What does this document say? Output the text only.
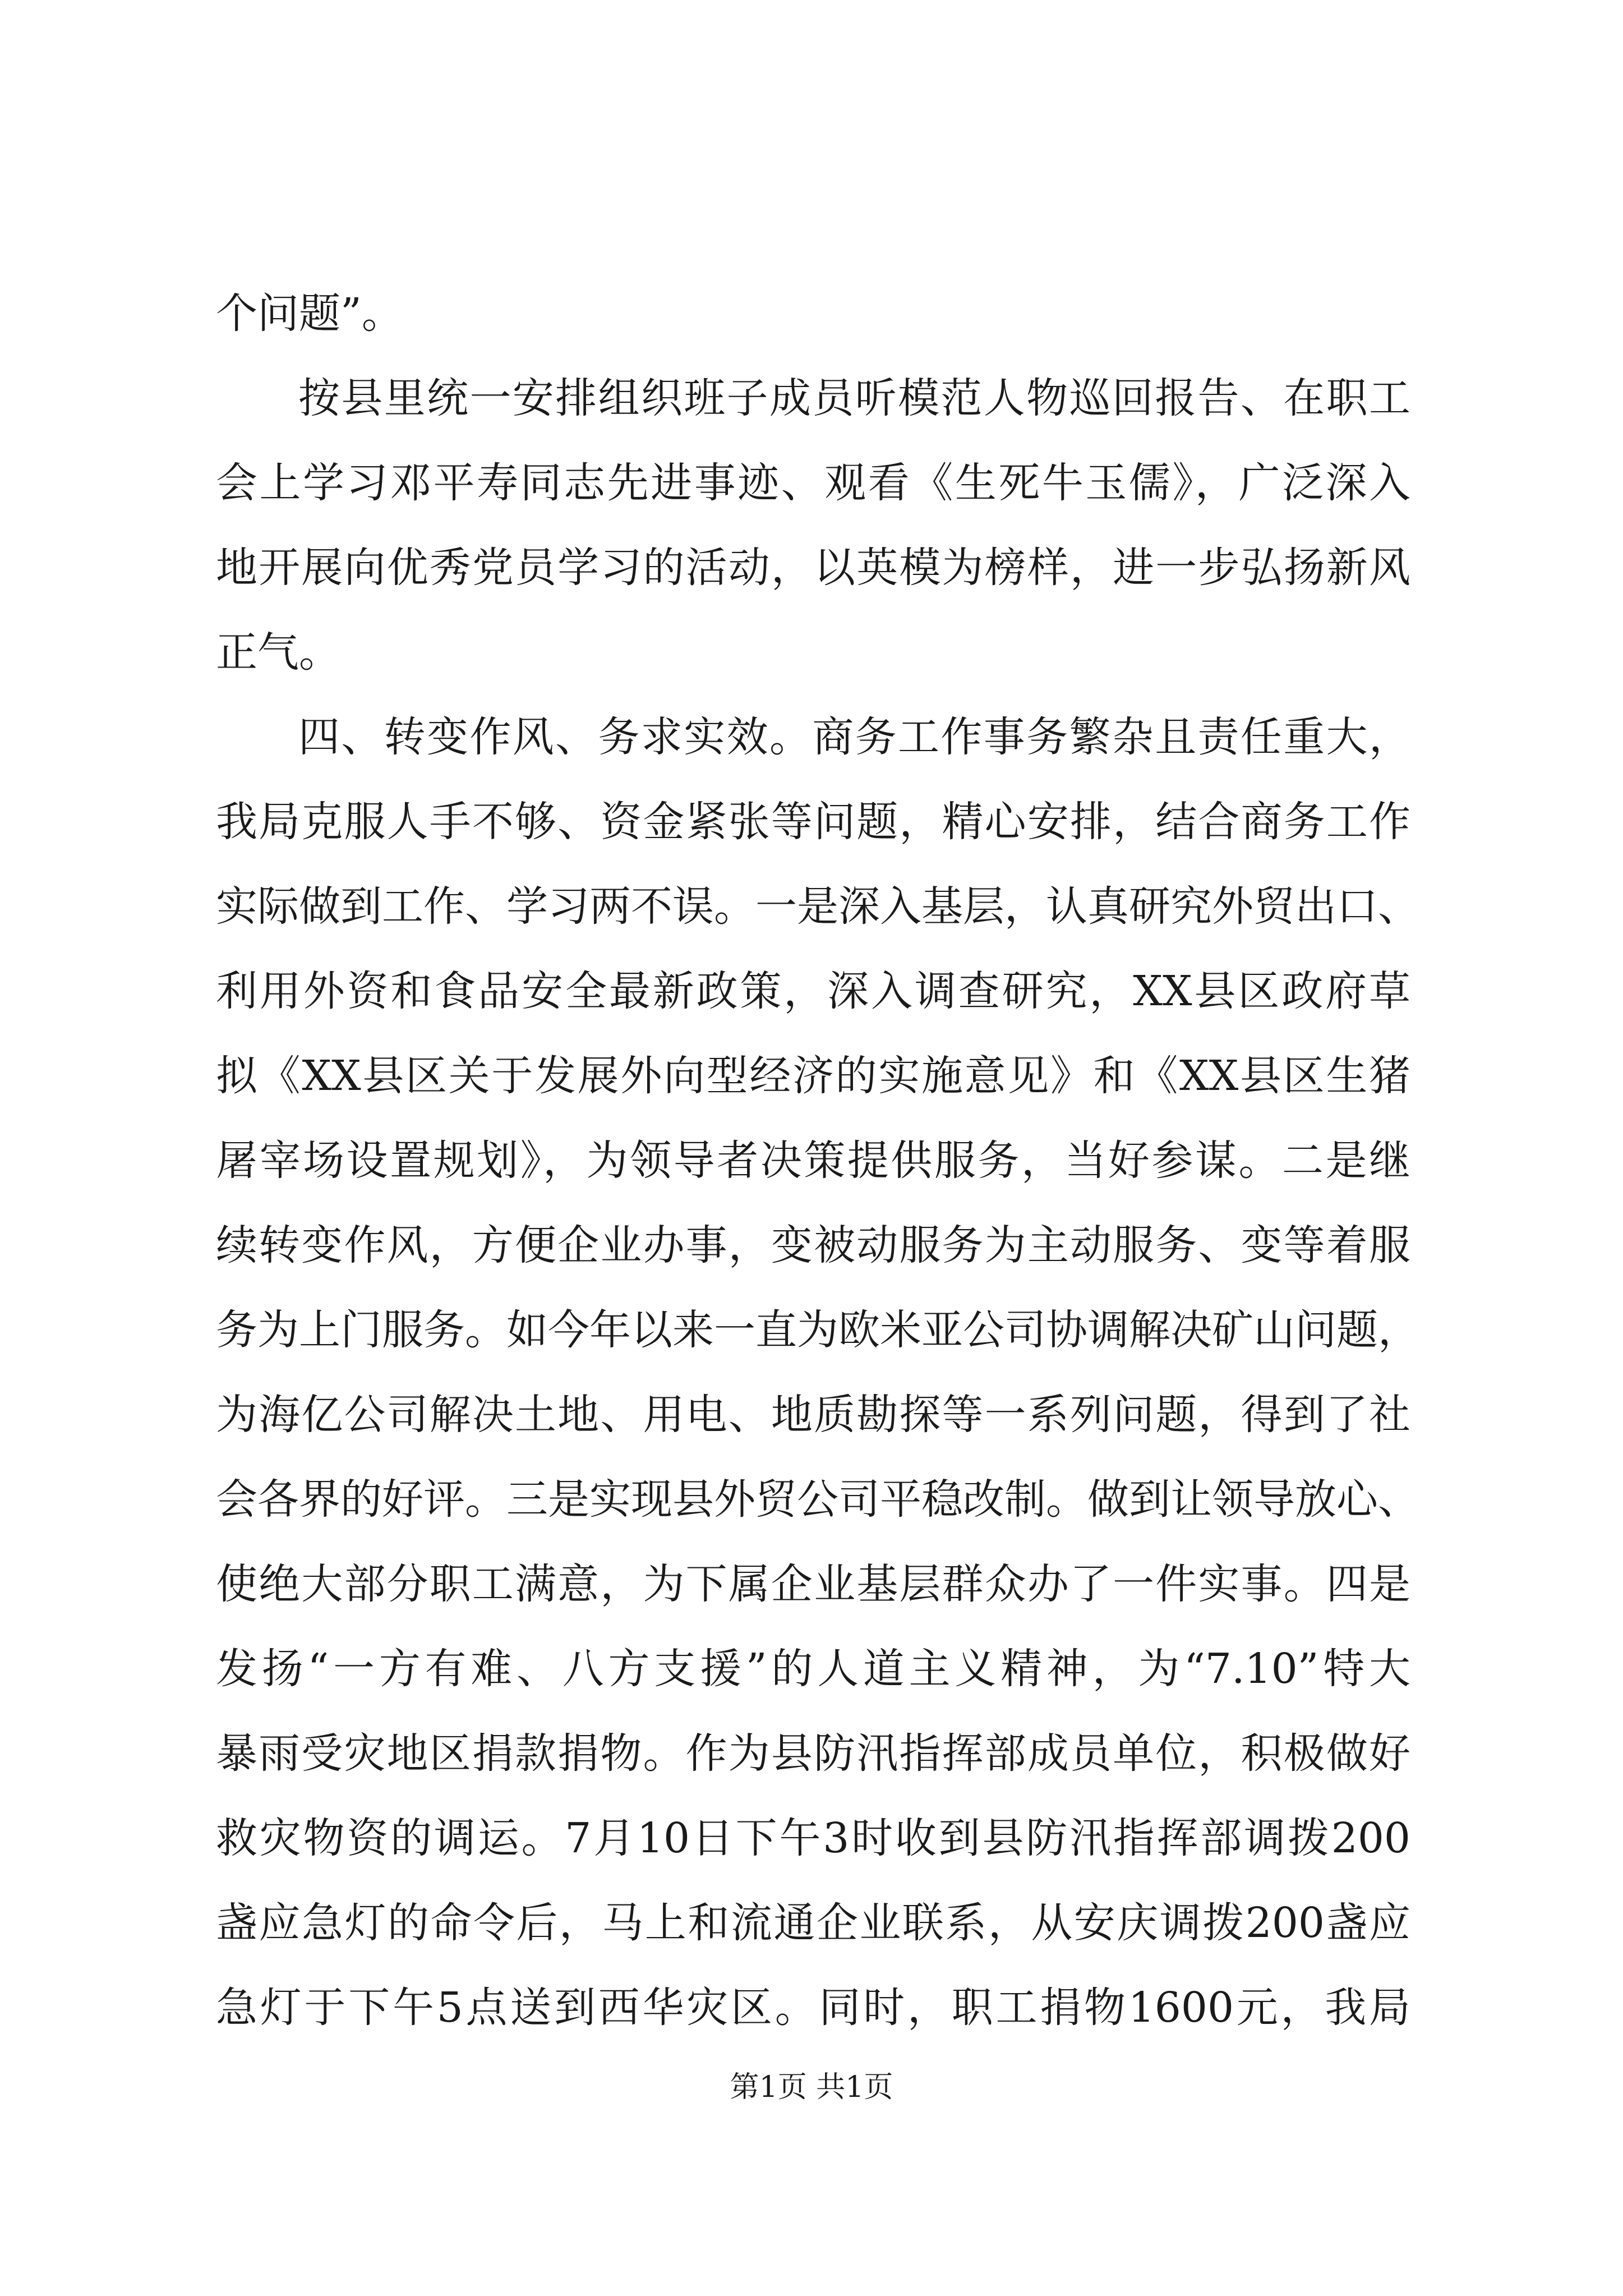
个问题”。
按县里统一安排组织班子成员听模范人物巡回报告、在职工
会上学习邓平寿同志先进事迹、观看《生死牛玉儒》，广泛深入
地开展向优秀党员学习的活动，以英模为榜样，进一步弘扬新风
正气。
四、转变作风、务求实效。商务工作事务繁杂且责任重大，
我局克服人手不够、资金紧张等问题，精心安排，结合商务工作
实际做到工作、学习两不误。一是深入基层，认真研究外贸出口、
利用外资和食品安全最新政策，深入调查研究，XX县区政府草
拟《XX县区关于发展外向型经济的实施意见》和《XX县区生猪
屠宰场设置规划》，为领导者决策提供服务，当好参谋。二是继
续转变作风，方便企业办事，变被动服务为主动服务、变等着服
务为上门服务。如今年以来一直为欧米亚公司协调解决矿山问题，
为海亿公司解决土地、用电、地质勘探等一系列问题，得到了社
会各界的好评。三是实现县外贸公司平稳改制。做到让领导放心、
使绝大部分职工满意，为下属企业基层群众办了一件实事。四是
发扬“一方有难、八方支援”的人道主义精神，为“7.10”特大
暴雨受灾地区捐款捐物。作为县防汛指挥部成员单位，积极做好
救灾物资的调运。7月10日下午3时收到县防汛指挥部调拨200
盏应急灯的命令后，马上和流通企业联系，从安庆调拨200盏应
急灯于下午5点送到西华灾区。同时，职工捐物1600元，我局
第1页 共1页
